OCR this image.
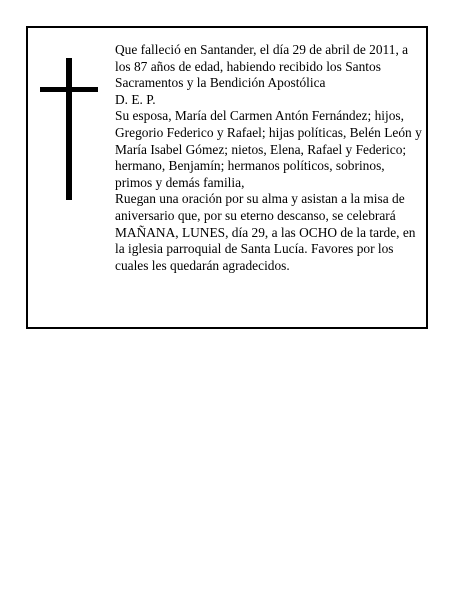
Que falleció en Santander, el día 29 de abril de 2011, a los 87 años de edad, habiendo recibido los Santos Sacramentos y la Bendición Apostólica

D. E. P.

Su esposa, María del Carmen Antón Fernández; hijos, Gregorio Federico y Rafael; hijas políticas, Belén León y María Isabel Gómez; nietos, Elena, Rafael y Federico; hermano, Benjamín; hermanos políticos, sobrinos, primos y demás familia,

Ruegan una oración por su alma y asistan a la misa de aniversario que, por su eterno descanso, se celebrará MAÑANA, LUNES, día 29, a las OCHO de la tarde, en la iglesia parroquial de Santa Lucía. Favores por los cuales les quedarán agradecidos.
